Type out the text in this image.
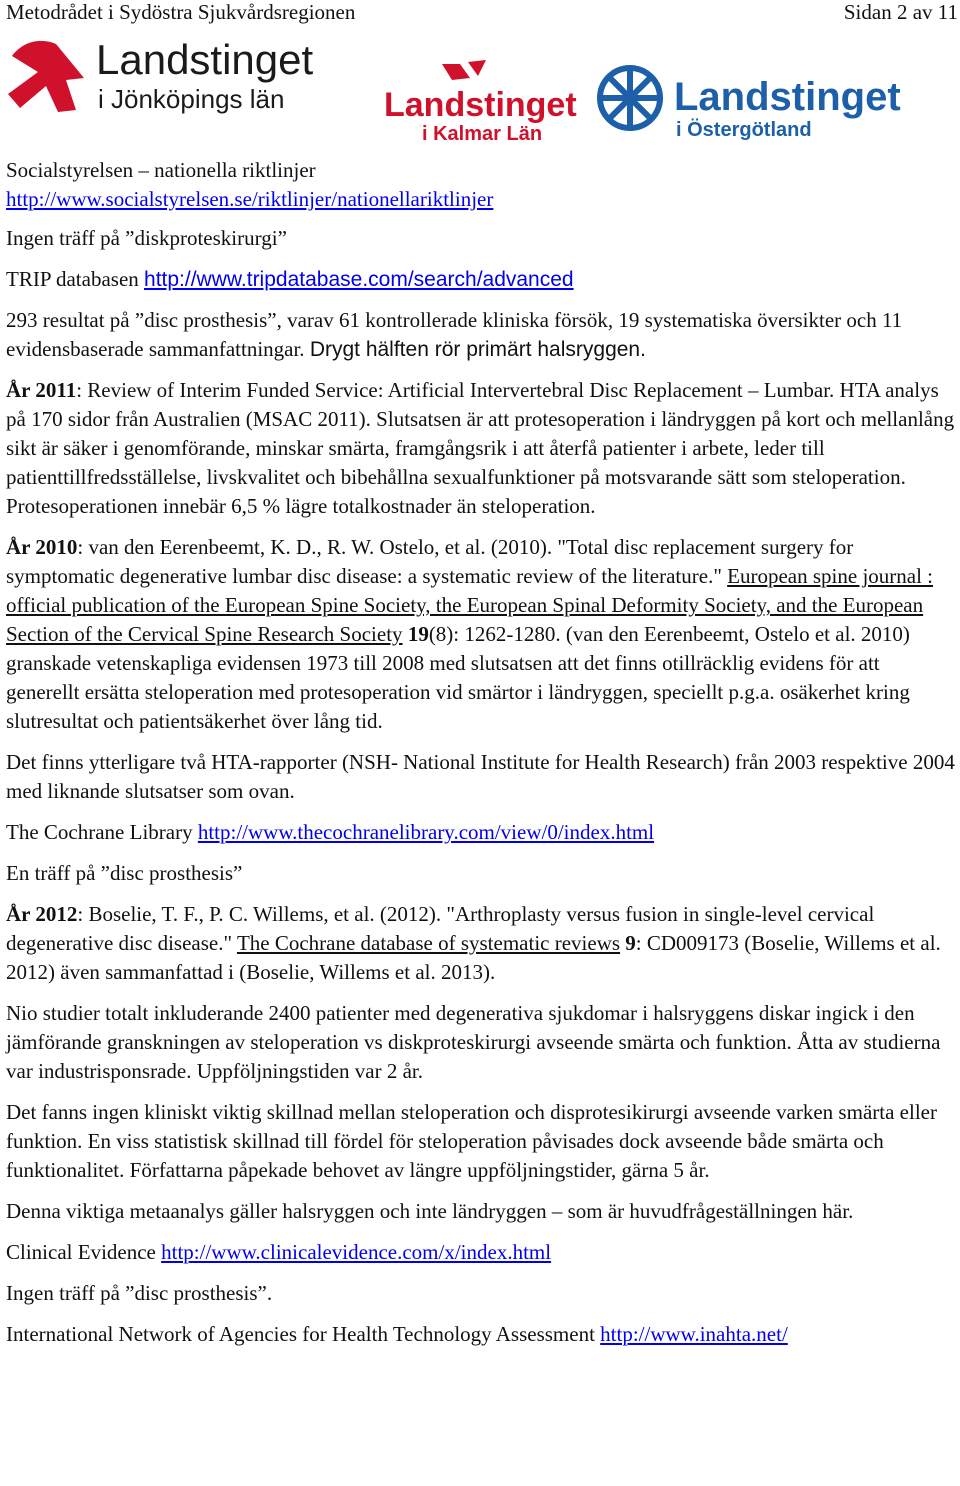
Metodrådet i Sydöstra Sjukvårdsregionen	Sidan 2 av 11
Landstinget
i Jönköpings län	Landstinget
i Kalmar Län
Landstinget
i Östergötland

Socialstyrelsen – nationella riktlinjer

http://www.socialstyrelsen.se/riktlinjer/nationellariktlinjer

Ingen träff på ”diskproteskirurgi”

TRIP databasen http://www.tripdatabase.com/search/advanced

293 resultat på ”disc prosthesis”, varav 61 kontrollerade kliniska försök, 19 systematiska översikter och 11 evidensbaserade sammanfattningar. Drygt hälften rör primärt halsryggen.

År 2011: Review of Interim Funded Service: Artificial Intervertebral Disc Replacement – Lumbar. HTA analys på 170 sidor från Australien (MSAC 2011). Slutsatsen är att protesoperation i ländryggen på kort och mellanlång sikt är säker i genomförande, minskar smärta, framgångsrik i att återfå patienter i arbete, leder till patienttillfredsställelse, livskvalitet och bibehållna sexualfunktioner på motsvarande sätt som steloperation. Protesoperationen innebär 6,5 % lägre totalkostnader än steloperation.

År 2010: van den Eerenbeemt, K. D., R. W. Ostelo, et al. (2010). "Total disc replacement surgery for symptomatic degenerative lumbar disc disease: a systematic review of the literature." European spine journal : official publication of the European Spine Society, the European Spinal Deformity Society, and the European Section of the Cervical Spine Research Society 19(8): 1262-1280. (van den Eerenbeemt, Ostelo et al. 2010) granskade vetenskapliga evidensen 1973 till 2008 med slutsatsen att det finns otillräcklig evidens för att generellt ersätta steloperation med protesoperation vid smärtor i ländryggen, speciellt p.g.a. osäkerhet kring slutresultat och patientsäkerhet över lång tid.

Det finns ytterligare två HTA-rapporter (NSH- National Institute for Health Research) från 2003 respektive 2004 med liknande slutsatser som ovan.

The Cochrane Library http://www.thecochranelibrary.com/view/0/index.html

En träff på ”disc prosthesis”

År 2012: Boselie, T. F., P. C. Willems, et al. (2012). "Arthroplasty versus fusion in single-level cervical degenerative disc disease." The Cochrane database of systematic reviews 9: CD009173 (Boselie, Willems et al. 2012) även sammanfattad i (Boselie, Willems et al. 2013).

Nio studier totalt inkluderande 2400 patienter med degenerativa sjukdomar i halsryggens diskar ingick i den jämförande granskningen av steloperation vs diskproteskirurgi avseende smärta och funktion. Åtta av studierna var industrisponsrade. Uppföljningstiden var 2 år.

Det fanns ingen kliniskt viktig skillnad mellan steloperation och disprotesikirurgi avseende varken smärta eller funktion. En viss statistisk skillnad till fördel för steloperation påvisades dock avseende både smärta och funktionalitet. Författarna påpekade behovet av längre uppföljningstider, gärna 5 år.

Denna viktiga metaanalys gäller halsryggen och inte ländryggen – som är huvudfrågeställningen här.

Clinical Evidence http://www.clinicalevidence.com/x/index.html

Ingen träff på ”disc prosthesis”.

International Network of Agencies for Health Technology Assessment http://www.inahta.net/
